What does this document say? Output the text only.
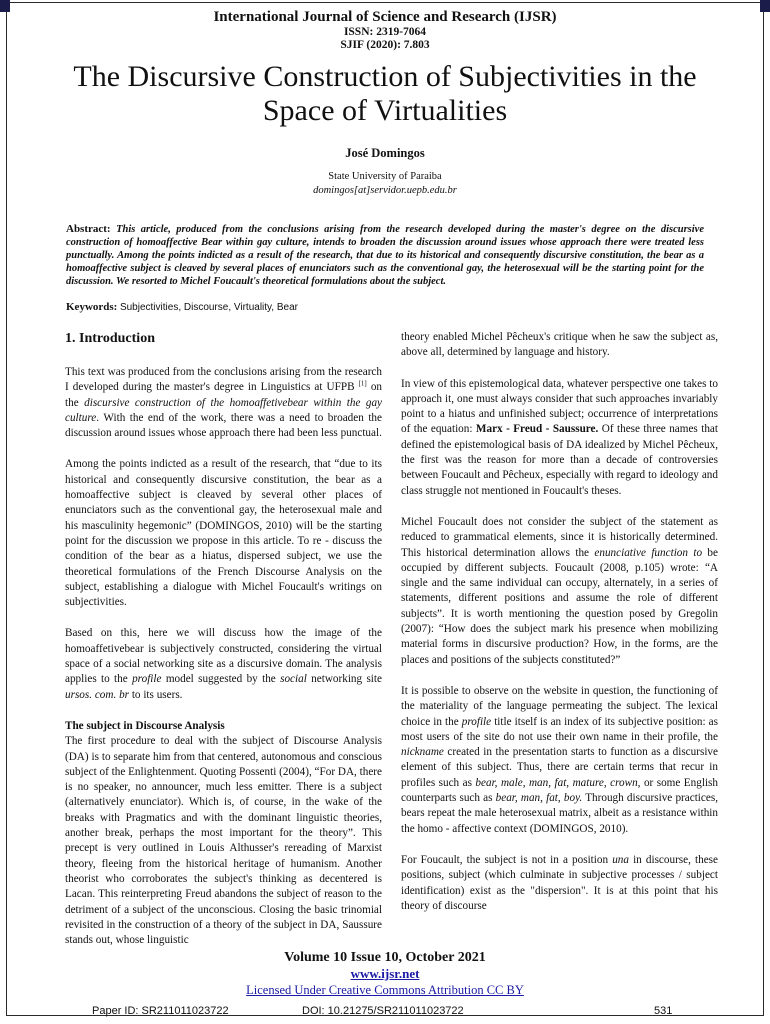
International Journal of Science and Research (IJSR)
ISSN: 2319-7064
SJIF (2020): 7.803
The Discursive Construction of Subjectivities in the Space of Virtualities
José Domingos
State University of Paraiba
domingos[at]servidor.uepb.edu.br
Abstract: This article, produced from the conclusions arising from the research developed during the master's degree on the discursive construction of homoaffective Bear within gay culture, intends to broaden the discussion around issues whose approach there were treated less punctually. Among the points indicted as a result of the research, that due to its historical and consequently discursive constitution, the bear as a homoaffective subject is cleaved by several places of enunciators such as the conventional gay, the heterosexual will be the starting point for the discussion. We resorted to Michel Foucault's theoretical formulations about the subject.
Keywords: Subjectivities, Discourse, Virtuality, Bear
1. Introduction

This text was produced from the conclusions arising from the research I developed during the master's degree in Linguistics at UFPB [1] on the discursive construction of the homoaffetivebear within the gay culture. With the end of the work, there was a need to broaden the discussion around issues whose approach there had been less punctual.

Among the points indicted as a result of the research, that “due to its historical and consequently discursive constitution, the bear as a homoaffective subject is cleaved by several other places of enunciators such as the conventional gay, the heterosexual male and his masculinity hegemonic” (DOMINGOS, 2010) will be the starting point for the discussion we propose in this article. To re - discuss the condition of the bear as a hiatus, dispersed subject, we use the theoretical formulations of the French Discourse Analysis on the subject, establishing a dialogue with Michel Foucault's writings on subjectivities.

Based on this, here we will discuss how the image of the homoaffetivebear is subjectively constructed, considering the virtual space of a social networking site as a discursive domain. The analysis applies to the profile model suggested by the social networking site ursos. com. br to its users.

The subject in Discourse Analysis

The first procedure to deal with the subject of Discourse Analysis (DA) is to separate him from that centered, autonomous and conscious subject of the Enlightenment. Quoting Possenti (2004), “For DA, there is no speaker, no announcer, much less emitter. There is a subject (alternatively enunciator). Which is, of course, in the wake of the breaks with Pragmatics and with the dominant linguistic theories, another break, perhaps the most important for the theory”. This precept is very outlined in Louis Althusser's rereading of Marxist theory, fleeing from the historical heritage of humanism. Another theorist who corroborates the subject's thinking as decentered is Lacan. This reinterpreting Freud abandons the subject of reason to the detriment of a subject of the unconscious. Closing the basic trinomial revisited in the construction of a theory of the subject in DA, Saussure stands out, whose linguistic

theory enabled Michel Pêcheux's critique when he saw the subject as, above all, determined by language and history.

In view of this epistemological data, whatever perspective one takes to approach it, one must always consider that such approaches invariably point to a hiatus and unfinished subject; occurrence of interpretations of the equation: Marx - Freud - Saussure. Of these three names that defined the epistemological basis of DA idealized by Michel Pêcheux, the first was the reason for more than a decade of controversies between Foucault and Pêcheux, especially with regard to ideology and class struggle not mentioned in Foucault's theses.

Michel Foucault does not consider the subject of the statement as reduced to grammatical elements, since it is historically determined. This historical determination allows the enunciative function to be occupied by different subjects. Foucault (2008, p.105) wrote: “A single and the same individual can occupy, alternately, in a series of statements, different positions and assume the role of different subjects”. It is worth mentioning the question posed by Gregolin (2007): “How does the subject mark his presence when mobilizing material forms in discursive production? How, in the forms, are the places and positions of the subjects constituted?”

It is possible to observe on the website in question, the functioning of the materiality of the language permeating the subject. The lexical choice in the profile title itself is an index of its subjective position: as most users of the site do not use their own name in their profile, the nickname created in the presentation starts to function as a discursive element of this subject. Thus, there are certain terms that recur in profiles such as bear, male, man, fat, mature, crown, or some English counterparts such as bear, man, fat, boy. Through discursive practices, bears repeat the male heterosexual matrix, albeit as a resistance within the homo - affective context (DOMINGOS, 2010).

For Foucault, the subject is not in a position una in discourse, these positions, subject (which culminate in subjective processes / subject identification) exist as the "dispersion". It is at this point that his theory of discourse

Volume 10 Issue 10, October 2021
www.ijsr.net
Licensed Under Creative Commons Attribution CC BY
Paper ID: SR211011023722	DOI: 10.21275/SR211011023722	531
